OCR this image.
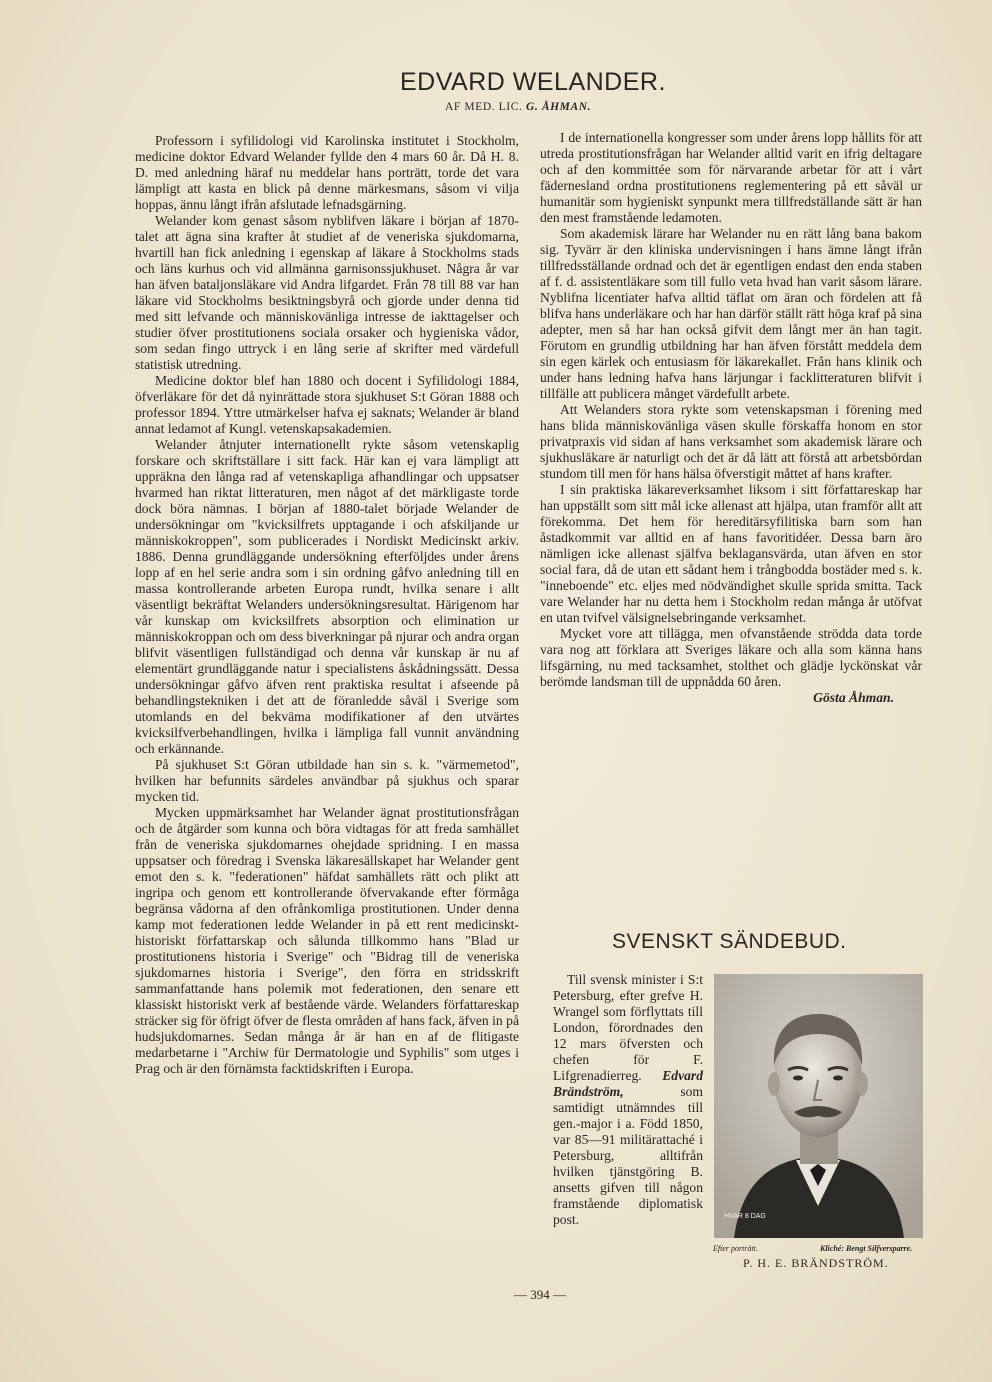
EDVARD WELANDER.
AF MED. LIC. G. ÅHMAN.

Professorn i syfilidologi vid Karolinska institutet i Stockholm, medicine doktor Edvard Welander fyllde den 4 mars 60 år. Då H. 8. D. med anledning häraf nu meddelar hans porträtt, torde det vara lämpligt att kasta en blick på denne märkesmans, såsom vi vilja hoppas, ännu långt ifrån afslutade lefnadsgärning.

Welander kom genast såsom nyblifven läkare i början af 1870-talet att ägna sina krafter åt studiet af de veneriska sjukdomarna, hvartill han fick anledning i egenskap af läkare å Stockholms stads och läns kurhus och vid allmänna garnisonssjukhuset. Några år var han äfven bataljonsläkare vid Andra lifgardet. Från 78 till 88 var han läkare vid Stockholms besiktningsbyrå och gjorde under denna tid med sitt lefvande och människovänliga intresse de iakttagelser och studier öfver prostitutionens sociala orsaker och hygieniska vådor, som sedan fingo uttryck i en lång serie af skrifter med värdefull statistisk utredning.

Medicine doktor blef han 1880 och docent i Syfilidologi 1884, öfverläkare för det då nyinrättade stora sjukhuset S:t Göran 1888 och professor 1894. Yttre utmärkelser hafva ej saknats; Welander är bland annat ledamot af Kungl. vetenskapsakademien.

Welander åtnjuter internationellt rykte såsom vetenskaplig forskare och skriftställare i sitt fack. Här kan ej vara lämpligt att uppräkna den långa rad af vetenskapliga afhandlingar och uppsatser hvarmed han riktat litteraturen, men något af det märkligaste torde dock böra nämnas. I början af 1880-talet började Welander de undersökningar om "kvicksilfrets upptagande i och afskiljande ur människokroppen", som publicerades i Nordiskt Medicinskt arkiv. 1886. Denna grundläggande undersökning efterföljdes under årens lopp af en hel serie andra som i sin ordning gåfvo anledning till en massa kontrollerande arbeten Europa rundt, hvilka senare i allt väsentligt bekräftat Welanders undersökningsresultat. Härigenom har vår kunskap om kvicksilfrets absorption och elimination ur människokroppan och om dess biverkningar på njurar och andra organ blifvit väsentligen fullständigad och denna vår kunskap är nu af elementärt grundläggande natur i specialistens åskådningssätt. Dessa undersökningar gåfvo äfven rent praktiska resultat i afseende på behandlingstekniken i det att de föranledde såväl i Sverige som utomlands en del bekväma modifikationer af den utvärtes kvicksilfverbehandlingen, hvilka i lämpliga fall vunnit användning och erkännande.

På sjukhuset S:t Göran utbildade han sin s. k. "värmemetod", hvilken har befunnits särdeles användbar på sjukhus och sparar mycken tid.

Mycken uppmärksamhet har Welander ägnat prostitutionsfrågan och de åtgärder som kunna och böra vidtagas för att freda samhället från de veneriska sjukdomarnes ohejdade spridning. I en massa uppsatser och föredrag i Svenska läkaresällskapet har Welander gent emot den s. k. "federationen" häfdat samhällets rätt och plikt att ingripa och genom ett kontrollerande öfvervakande efter förmåga begränsa vådorna af den ofrånkomliga prostitutionen. Under denna kamp mot federationen ledde Welander in på ett rent medicinskt-historiskt författarskap och sålunda tillkommo hans "Blad ur prostitutionens historia i Sverige" och "Bidrag till de veneriska sjukdomarnes historia i Sverige", den förra en stridsskrift sammanfattande hans polemik mot federationen, den senare ett klassiskt historiskt verk af bestående värde. Welanders författareskap sträcker sig för öfrigt öfver de flesta områden af hans fack, äfven in på hudsjukdomarnes. Sedan många år är han en af de flitigaste medarbetarne i "Archiw für Dermatologie und Syphilis" som utges i Prag och är den förnämsta facktidskriften i Europa.

I de internationella kongresser som under årens lopp hållits för att utreda prostitutionsfrågan har Welander alltid varit en ifrig deltagare och af den kommittée som för närvarande arbetar för att i vårt fädernesland ordna prostitutionens reglementering på ett såväl ur humanitär som hygieniskt synpunkt mera tillfredställande sätt är han den mest framstående ledamoten.

Som akademisk lärare har Welander nu en rätt lång bana bakom sig. Tyvärr är den kliniska undervisningen i hans ämne långt ifrån tillfredsställande ordnad och det är egentligen endast den enda staben af f. d. assistentläkare som till fullo veta hvad han varit såsom lärare. Nyblifna licentiater hafva alltid täflat om äran och fördelen att få blifva hans underläkare och har han därför ställt rätt höga kraf på sina adepter, men så har han också gifvit dem långt mer än han tagit. Förutom en grundlig utbildning har han äfven förstått meddela dem sin egen kärlek och entusiasm för läkarekallet. Från hans klinik och under hans ledning hafva hans lärjungar i facklitteraturen blifvit i tillfälle att publicera månget värdefullt arbete.

Att Welanders stora rykte som vetenskapsman i förening med hans blida människovänliga väsen skulle förskaffa honom en stor privatpraxis vid sidan af hans verksamhet som akademisk lärare och sjukhusläkare är naturligt och det är då lätt att förstå att arbetsbördan stundom till men för hans hälsa öfverstigit måttet af hans krafter.

I sin praktiska läkareverksamhet liksom i sitt författareskap har han uppställt som sitt mål icke allenast att hjälpa, utan framför allt att förekomma. Det hem för hereditärsyfilitiska barn som han åstadkommit var alltid en af hans favoritidéer. Dessa barn äro nämligen icke allenast själfva beklagansvärda, utan äfven en stor social fara, då de utan ett sådant hem i trångbodda bostäder med s. k. "inneboende" etc. eljes med nödvändighet skulle sprida smitta. Tack vare Welander har nu detta hem i Stockholm redan många år utöfvat en utan tvifvel välsignelsebringande verksamhet.

Mycket vore att tillägga, men ofvanstående strödda data torde vara nog att förklara att Sveriges läkare och alla som känna hans lifsgärning, nu med tacksamhet, stolthet och glädje lyckönskat vår berömde landsman till de uppnådda 60 åren.

Gösta Åhman.
SVENSKT SÄNDEBUD.

Till svensk minister i S:t Petersburg, efter grefve H. Wrangel som förflyttats till London, förordnades den 12 mars öfversten och chefen för F. Lifgrenadierreg. Edvard Brändström, som samtidigt utnämndes till gen.-major i a. Född 1850, var 85—91 militärattaché i Petersburg, alltifrån hvilken tjänstgöring B. ansetts gifven till någon framstående diplomatisk post.	HVAR 8 DAG
Efter porträtt.	Kliché: Bengt Silfversparre.
P. H. E. BRÄNDSTRÖM.
— 394 —
